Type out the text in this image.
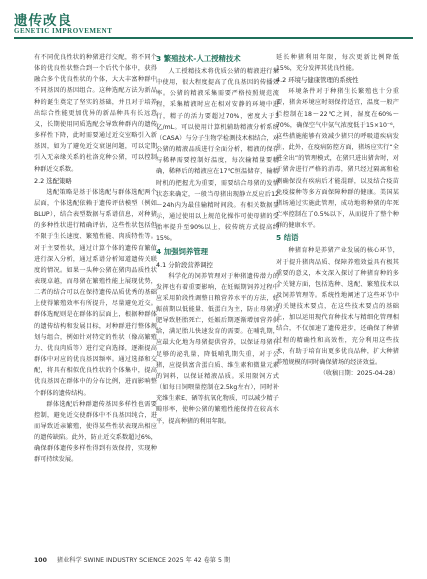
遗传改良
GENETIC IMPROVEMENT

有不同优良性状的种猪进行交配，将不同个体的优良性状整合到一个后代个体中，获得融合多个优良性状的个体，大大丰富种群中不同基因的基因组合。这种选配方法为新品种的诞生奠定了坚实的基础，并且对于培养出综合性能更加优异的新品种具有长远意义，长期使用同质选配会导致种群内的遗传多样性下降，此时需要通过近交室略引入新基因，如为了避免近交衰退问题，可以定期引入无亲缘关系的杜洛克种公猪，可以控制种群近交系数。

2.2 选配策略

选配策略是基于体选配与群体选配两个层面，个体选配依赖于遗传评估模型（例如BLUP），结合表型数据与系谱信息，对种猪的多种性状进行精确评估，这些性状包括但不限于生长速度、繁殖性能、肉质特性等。对于主要性状，通过计算个体的遗传育繁值进行深入分析，通过系谱分析知道遗传关联度的情况。如果一头种公猪在猪肉品质性状表现卓越，而母猪在繁殖性能上展现优势，二者的结合可以在保持遗传品质优秀的基础上使得繁殖效率有所提升，尽量避免近交。群体选配则是在群体的层面上，根据种群体的遗传结构和发展目标，对种群进行整体规划与组合，例如针对特定的性状（像高繁殖力、优良肉质等）进行定向选择，逐渐提高群体中对应的优良基因频率。通过选择和交配，将具有相似优良性状的个体集中，提高优良基因在群体中的分布比例，进而影响整个群体的遗传结构。

群体选配后种群遗传基因多样性也需要控制，避免近交使群体中不良基因纯合，进而导致近亲繁殖，使得某些性状表现出相应的遗传缺陷。此外，防止近交系数超过6%，确保群体遗传多样性得到有效保持，实现种群可持续发展。

3 繁殖技术-人工授精技术

人工授精技术将优质公猪的精液进行集中使用，很大程度提高了优良基因的传播效率。公猪的精液采集需要严格按照规范流程，采集精液时应在相对安静的环境中进行，精子的活力要超过70%，密度大于3亿/mL。可以使用计算机辅助精液分析系统（CASA）与分子生物学检测技术相结合，对公猪的精液品质进行全面分析，精液的保存与稀释需要控制好温度，每次输精量要精确，稀释后的精液应在17℃恒温储存，输精时机的把握尤为重要，需要结合母猪的发情状态来确定，一般当母猪出现静立反应后12～24h内为最佳输精时间段。有相关数据显示，通过使用以上规范化操作可使母猪的受胎率提升至90%以上，较传统方式提高约15%。

4 加强饲养管理
4.1 分阶段营养调控

科学化的饲养管理对于种猪遗传潜力的发挥也有着重要影响，在妊娠期饲养过程中应采用阶段性调整日粮营养水平的方法，妊娠前期以低能量、低蛋白为主，防止母猪过肥导致胚胎死亡，妊娠后期逐渐增加营养供给，满足胎儿快速发育的需要。在哺乳期，应最大化地为母猪提供营养，以保证母猪有足够的泌乳量，降低哺乳期失重，对于公猪，应提供富含蛋白质、维生素和微量元素的饲料，以保证精液品质。采用限饲方式（如每日饲喂量控制在2.5kg左右），同时补充维生素E、硒等抗氧化物质，可以减少精子畸形率，使种公猪的繁殖性能保持在较高水平，提高种猪的利用年限。

延长种猪利用年限，每次更新比例降低15%，充分发挥其优良性能。

4.2 环境与健康管理的系统性

环境条件对于种猪生长繁殖也十分重要，猪舍环境应时刻保持适宜，温度一般产栏控制在18～22℃之间，湿度在60%～70%，确保空气中氨气浓度低于15×10⁻⁶，这些措施能够有效减少猪只的呼吸道疾病发生，此外，在疫病防控方面，猪场应实行“全进全出”的管理模式，在猪只进出猪舍时，对于猪舍进行严格的消毒，猪只经过隔离和检测确保没有疾病后才能混群，以及结合疫苗免疫接种等多方面保障种群的健康。美国某猪场通过实施此管理，成功地将种猪的年死亡率控制在了0.5%以下，从而提升了整个种群的健康水平。

5 结语

种猪育种是养猪产业发展的核心环节，对于提升猪肉品质、保障养殖效益具有极其重要的意义，本文深入探讨了种猪育种的多个关键方面，包括选种、选配、繁殖技术以及饲养管理等。系统性地阐述了这些环节中的关键技术要点，在这些技术要点的基础上，加以运用现代育种技术与精细化管理相结合，不仅加速了遗传进步，还确保了种猪过程的精确性和高效性，充分利用这些技术，有助于培育出更多优良品种，扩大种猪养殖规模的同时确保猪场的经济效益。

（收稿日期：2025-04-28）

100 猪业科学 SWINE INDUSTRY SCIENCE 2025 年 42 卷第 5 期
